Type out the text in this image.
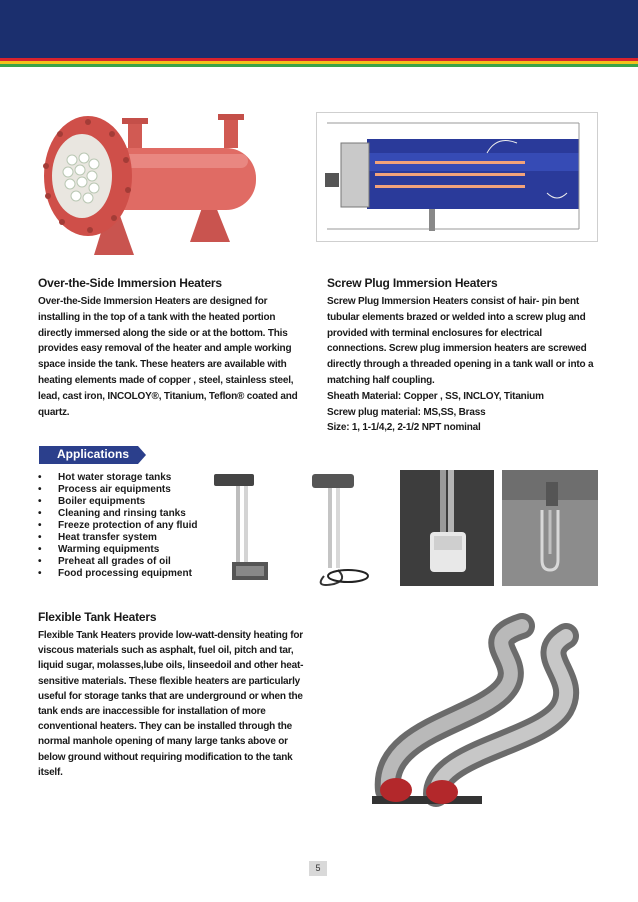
Over-the-Side Immersion Heaters

Over-the-Side Immersion Heaters are designed for

installing in the top of a tank with the heated portion

directly immersed along the side or at the bottom. This

provides easy removal of the heater and ample working

space inside the tank. These heaters are available with

heating elements made of copper , steel, stainless steel,

lead, cast iron, INCOLOY®, Titanium, Teflon® coated and

quartz.

Screw Plug Immersion Heaters

Screw Plug Immersion Heaters consist of hair- pin bent

tubular elements brazed or welded into a screw plug and

provided with terminal enclosures for electrical

connections. Screw plug immersion heaters are screwed

directly through a threaded opening in a tank wall or into a

matching half coupling.

Sheath Material: Copper , SS, INCLOY, Titanium

Screw plug material: MS,SS, Brass

Size: 1, 1-1/4,2, 2-1/2 NPT nominal

Applications
• Hot water storage tanks
• Process air equipments
• Boiler equipments
• Cleaning and rinsing tanks
• Freeze protection of any fluid
• Heat transfer system
• Warming equipments
• Preheat all grades of oil
• Food processing equipment
Flexible Tank Heaters

Flexible Tank Heaters provide low-watt-density heating for

viscous materials such as asphalt, fuel oil, pitch and tar,

liquid sugar, molasses,lube oils, linseedoil and other heat-

sensitive materials. These flexible heaters are particularly

useful for storage tanks that are underground or when the

tank ends are inaccessible for installation of more

conventional heaters. They can be installed through the

normal manhole opening of many large tanks above or

below ground without requiring modification to the tank

itself.

5
